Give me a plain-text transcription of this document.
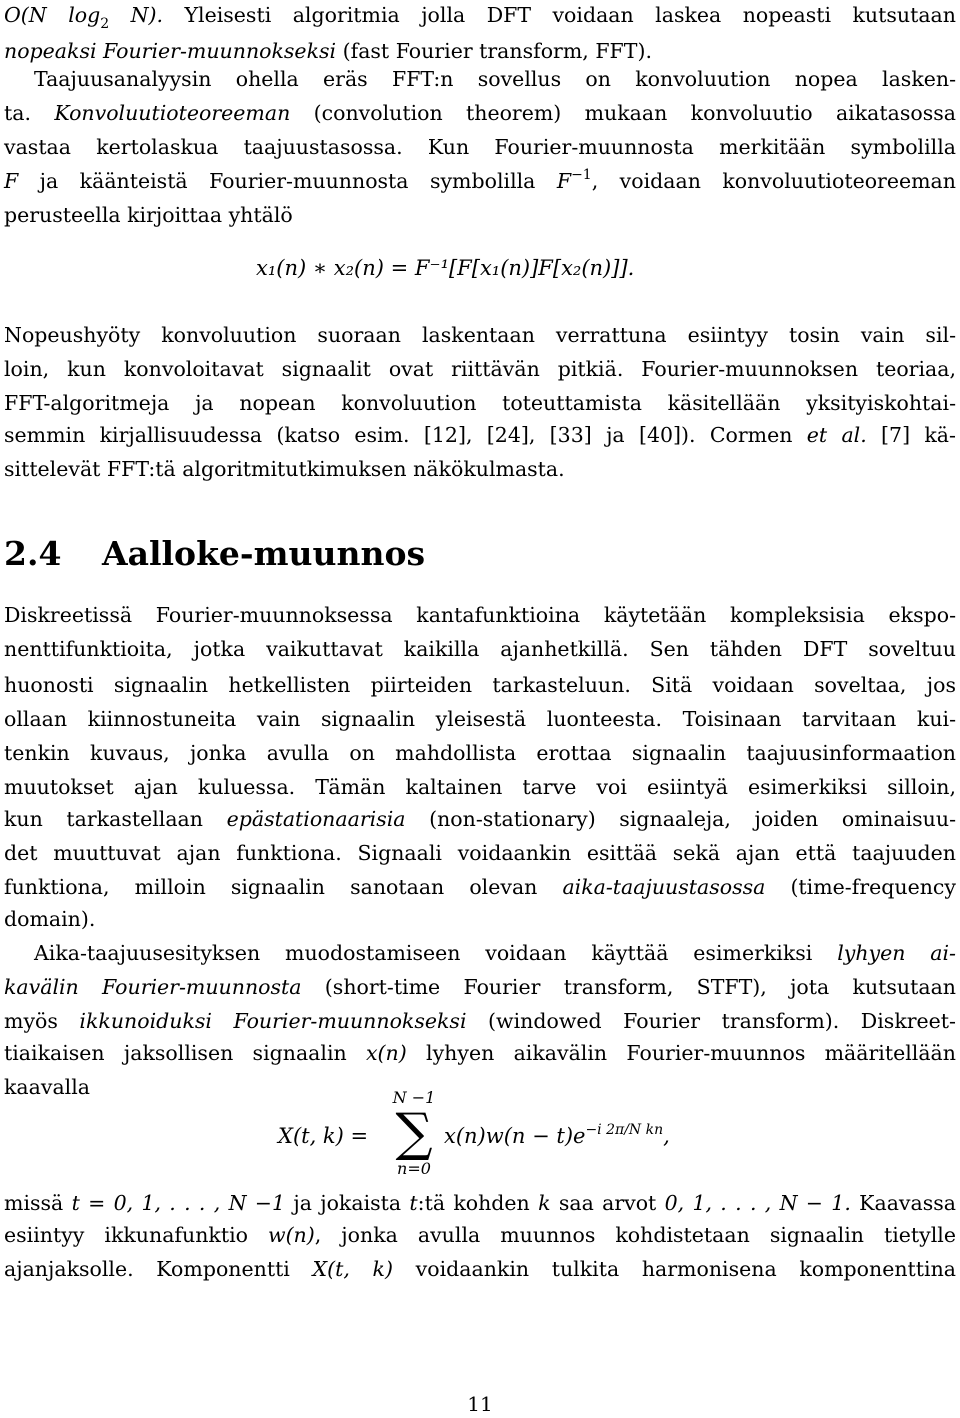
O(N $\log_2 N$). Yleisesti algoritmia jolla DFT voidaan laskea nopeasti kutsutaan
nopeaksi Fourier-muunnokseksi (fast Fourier transform, FFT).
Taajuusanalyysin ohella eräs FFT:n sovellus on konvoluution nopea lasken-
ta. Konvoluutioteoreeman (convolution theorem) mukaan konvoluutio aikatasossa
vastaa kertolaskua taajuustasossa. Kun Fourier-muunnosta merkitään symbolilla
F ja käänteistä Fourier-muunnosta symbolilla $F^{-1}$, voidaan konvoluutioteoreeman
perusteella kirjoittaa yhtälö
x₁(n) ∗ x₂(n) = F⁻¹[F[x₁(n)]F[x₂(n)]].
Nopeushyöty konvoluution suoraan laskentaan verrattuna esiintyy tosin vain sil-
loin, kun konvoloitavat signaalit ovat riittävän pitkiä. Fourier-muunnoksen teoriaa,
FFT-algoritmeja ja nopean konvoluution toteuttamista käsitellään yksityiskohtai-
semmin kirjallisuudessa (katso esim. [12], [24], [33] ja [40]). Cormen et al. [7] kä-
sittelevät FFT:tä algoritmitutkimuksen näkökulmasta.
2.4 Aalloke-muunnos
Diskreetissä Fourier-muunnoksessa kantafunktioina käytetään kompleksisia ekspo-
nenttifunktioita, jotka vaikuttavat kaikilla ajanhetkillä. Sen tähden DFT soveltuu
huonosti signaalin hetkellisten piirteiden tarkasteluun. Sitä voidaan soveltaa, jos
ollaan kiinnostuneita vain signaalin yleisestä luonteesta. Toisinaan tarvitaan kui-
tenkin kuvaus, jonka avulla on mahdollista erottaa signaalin taajuusinformaation
muutokset ajan kuluessa. Tämän kaltainen tarve voi esiintyä esimerkiksi silloin,
kun tarkastellaan epästationaarisia (non-stationary) signaaleja, joiden ominaisuu-
det muuttuvat ajan funktiona. Signaali voidaankin esittää sekä ajan että taajuuden
funktiona, milloin signaalin sanotaan olevan aika-taajuustasossa (time-frequency
domain).
Aika-taajuusesityksen muodostamiseen voidaan käyttää esimerkiksi lyhyen ai-
kavälin Fourier-muunnosta (short-time Fourier transform, STFT), jota kutsutaan
myös ikkunoiduksi Fourier-muunnokseksi (windowed Fourier transform). Diskreet-
tiaikaisen jaksollisen signaalin x(n) lyhyen aikavälin Fourier-muunnos määritellään
kaavalla
X(t, k) =
N −1
∑
n=0
$x(n)w(n - t)e^{-i 2\pi/N kn}$,
missä t = 0, 1, . . . , N −1 ja jokaista t:tä kohden k saa arvot 0, 1, . . . , N − 1. Kaavassa
esiintyy ikkunafunktio w(n), jonka avulla muunnos kohdistetaan signaalin tietylle
ajanjaksolle. Komponentti X(t, k) voidaankin tulkita harmonisena komponenttina
11
